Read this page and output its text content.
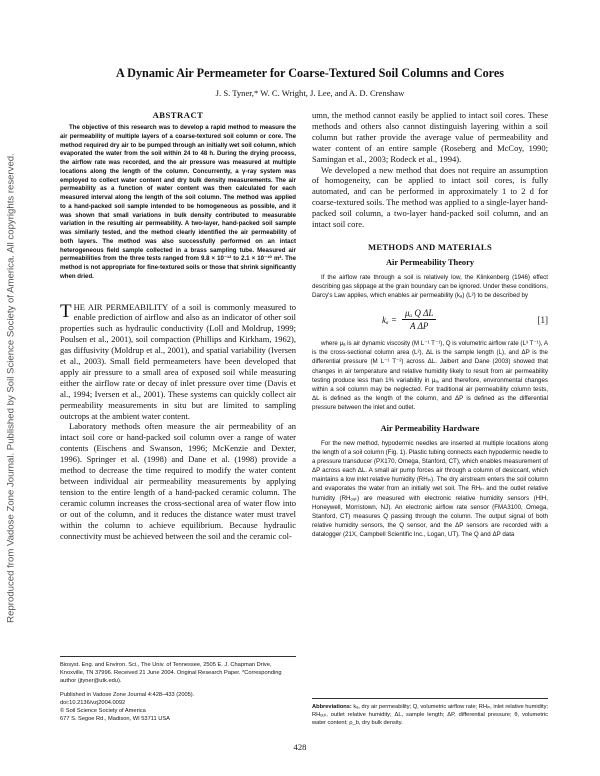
Reproduced from Vadose Zone Journal. Published by Soil Science Society of America. All copyrights reserved.
A Dynamic Air Permeameter for Coarse-Textured Soil Columns and Cores

J. S. Tyner,* W. C. Wright, J. Lee, and A. D. Crenshaw

ABSTRACT

The objective of this research was to develop a rapid method to measure the air permeability of multiple layers of a coarse-textured soil column or core. The method required dry air to be pumped through an initially wet soil column, which evaporated the water from the soil within 24 to 48 h. During the drying process, the airflow rate was recorded, and the air pressure was measured at multiple locations along the length of the column. Concurrently, a γ-ray system was employed to collect water content and dry bulk density measurements. The air permeability as a function of water content was then calculated for each measured interval along the length of the soil column. The method was applied to a hand-packed soil sample intended to be homogeneous as possible, and it was shown that small variations in bulk density contributed to measurable variation in the resulting air permeability. A two-layer, hand-packed soil sample was similarly tested, and the method clearly identified the air permeability of both layers. The method was also successfully performed on an intact heterogeneous field sample collected in a brass sampling tube. Measured air permeabilities from the three tests ranged from 9.8 × 10⁻¹² to 2.1 × 10⁻¹⁰ m². The method is not appropriate for fine-textured soils or those that shrink significantly when dried.

THE AIR PERMEABILITY of a soil is commonly measured to enable prediction of airflow and also as an indicator of other soil properties such as hydraulic conductivity (Loll and Moldrup, 1999; Poulsen et al., 2001), soil compaction (Phillips and Kirkham, 1962), gas diffusivity (Moldrup et al., 2001), and spatial variability (Iversen et al., 2003). Small field permeameters have been developed that apply air pressure to a small area of exposed soil while measuring either the airflow rate or decay of inlet pressure over time (Davis et al., 1994; Iversen et al., 2001). These systems can quickly collect air permeability measurements in situ but are limited to sampling outcrops at the ambient water content.

Laboratory methods often measure the air permeability of an intact soil core or hand-packed soil column over a range of water contents (Eischens and Swanson, 1996; McKenzie and Dexter, 1996). Springer et al. (1998) and Dane et al. (1998) provide a method to decrease the time required to modify the water content between individual air permeability measurements by applying tension to the entire length of a hand-packed ceramic column. The ceramic column increases the cross-sectional area of water flow into or out of the column, and it reduces the distance water must travel within the column to achieve equilibrium. Because hydraulic connectivity must be achieved between the soil and the ceramic col-

umn, the method cannot easily be applied to intact soil cores. These methods and others also cannot distinguish layering within a soil column but rather provide the average value of permeability and water content of an entire sample (Roseberg and McCoy, 1990; Samingan et al., 2003; Rodeck et al., 1994).

We developed a new method that does not require an assumption of homogeneity, can be applied to intact soil cores, is fully automated, and can be performed in approximately 1 to 2 d for coarse-textured soils. The method was applied to a single-layer hand-packed soil column, a two-layer hand-packed soil column, and an intact soil core.

METHODS AND MATERIALS

Air Permeability Theory

If the airflow rate through a soil is relatively low, the Klinkenberg (1946) effect describing gas slippage at the grain boundary can be ignored. Under these conditions, Darcy's Law applies, which enables air permeability (kₐ) (L²) to be described by

$k_a = \frac{\text{μₐ Q ΔL}}{\text{A ΔP}}$	[1]

where μₐ is air dynamic viscosity (M L⁻¹ T⁻¹), Q is volumetric airflow rate (L³ T⁻¹), A is the cross-sectional column area (L²), ΔL is the sample length (L), and ΔP is the differential pressure (M L⁻¹ T⁻²) across ΔL. Jalbert and Dane (2003) showed that changes in air temperature and relative humidity likely to result from air permeability testing produce less than 1% variability in μₐ, and therefore, environmental changes within a soil column may be neglected. For traditional air permeability column tests, ΔL is defined as the length of the column, and ΔP is defined as the differential pressure between the inlet and outlet.

Air Permeability Hardware

For the new method, hypodermic needles are inserted at multiple locations along the length of a soil column (Fig. 1). Plastic tubing connects each hypodermic needle to a pressure transducer (PX170, Omega, Stanford, CT), which enables measurement of ΔP across each ΔL. A small air pump forces air through a column of desiccant, which maintains a low inlet relative humidity (RHᵢₙ). The dry airstream enters the soil column and evaporates the water from an initially wet soil. The RHᵢₙ and the outlet relative humidity (RHₒᵤₜ) are measured with electronic relative humidity sensors (HIH, Honeywell, Morristown, NJ). An electronic airflow rate sensor (FMA3100, Omega, Stanford, CT) measures Q passing through the column. The output signal of both relative humidity sensors, the Q sensor, and the ΔP sensors are recorded with a datalogger (21X, Campbell Scientific Inc., Logan, UT). The Q and ΔP data

Biosyst. Eng. and Environ. Sci., The Univ. of Tennessee, 2505 E. J. Chapman Drive, Knoxville, TN 37996. Received 21 June 2004. Original Research Paper. *Corresponding author (jtyner@utk.edu).

Published in Vadose Zone Journal 4:428–433 (2005).
doi:10.2136/vzj2004.0092
© Soil Science Society of America
677 S. Segoe Rd., Madison, WI 53711 USA
Abbreviations: kₐ, dry air permeability; Q, volumetric airflow rate; RHᵢₙ, inlet relative humidity; RHₒᵤₜ, outlet relative humidity; ΔL, sample length; ΔP, differential pressure; θ, volumetric water content; ρ_b, dry bulk density.
428
